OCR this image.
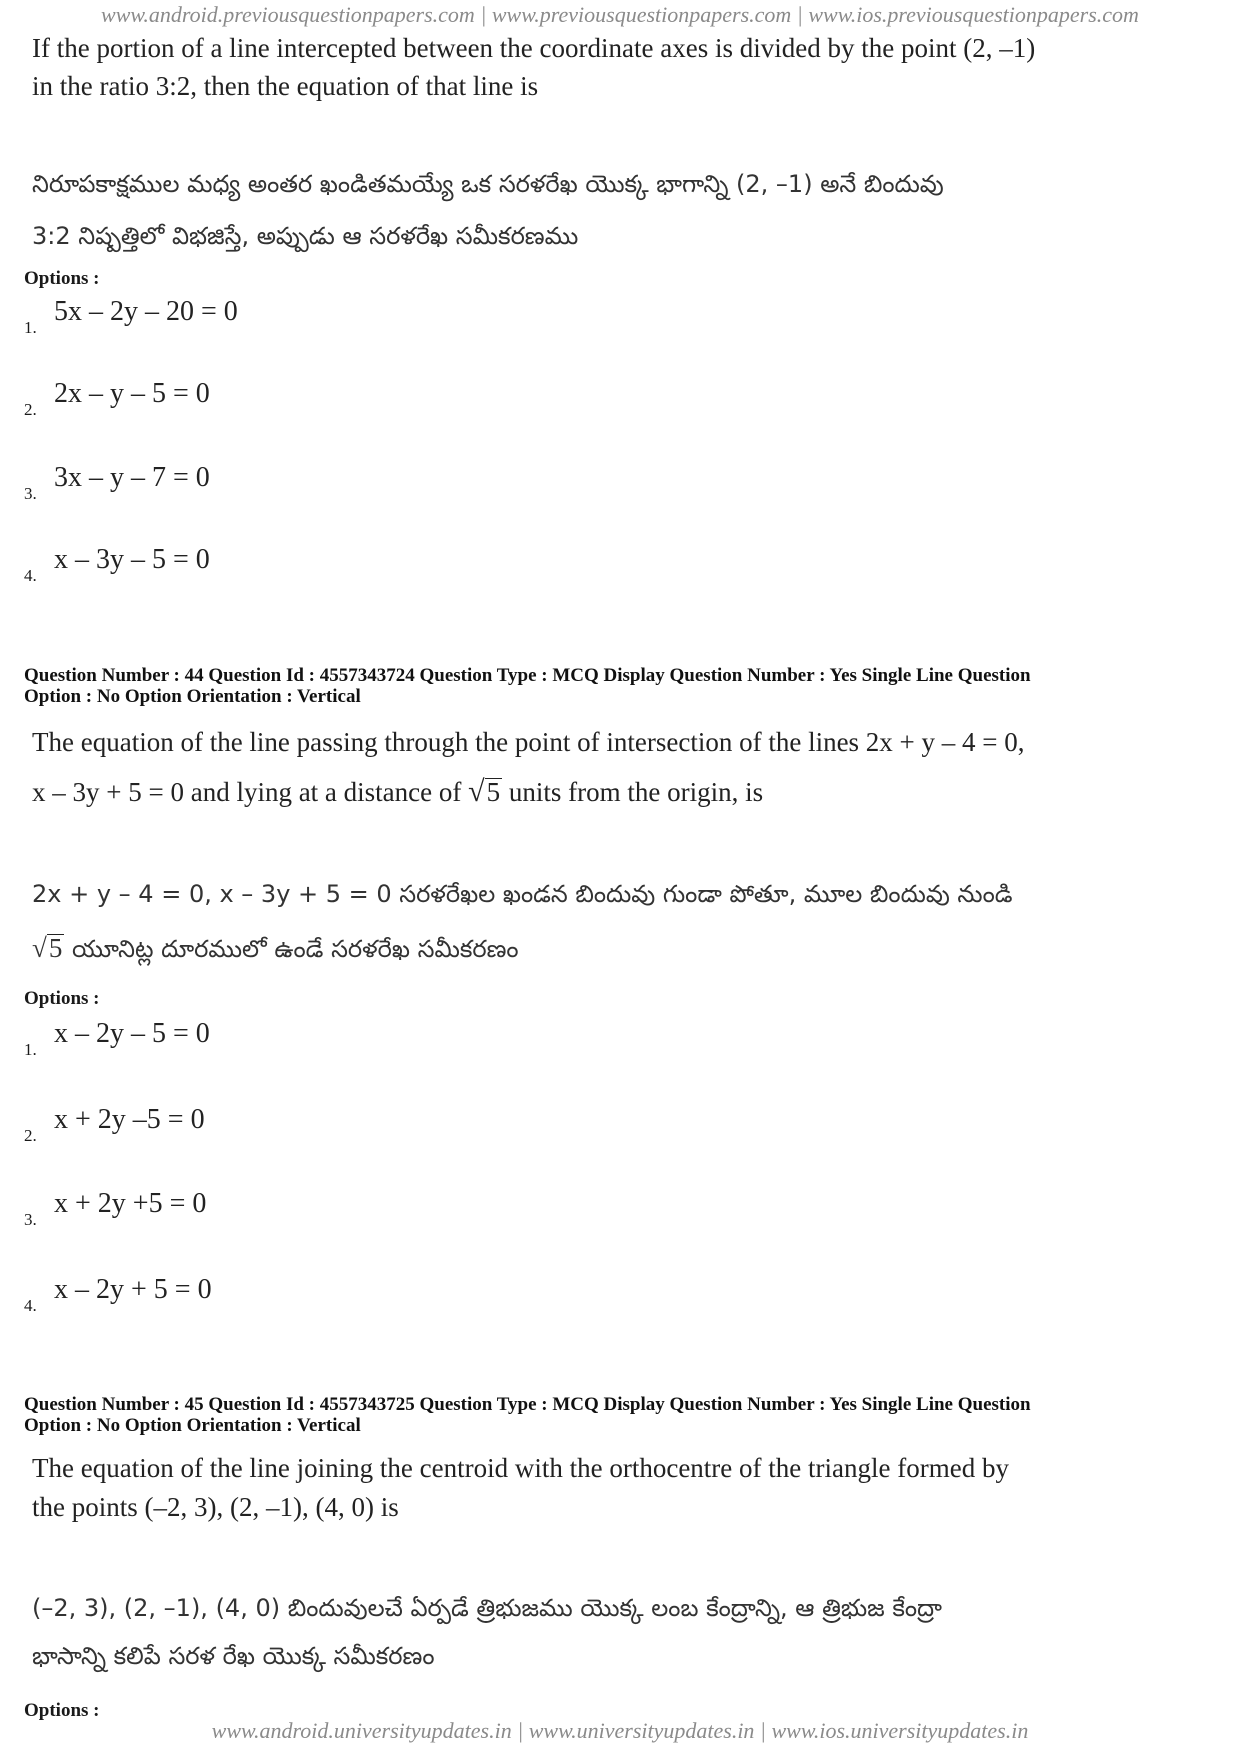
www.android.previousquestionpapers.com | www.previousquestionpapers.com | www.ios.previousquestionpapers.com
If the portion of a line intercepted between the coordinate axes is divided by the point (2, –1)
in the ratio 3:2, then the equation of that line is
నిరూపకాక్షముల మధ్య అంతర ఖండితమయ్యే ఒక సరళరేఖ యొక్క భాగాన్ని (2, –1) అనే బిందువు
3:2 నిష్పత్తిలో విభజిస్తే, అప్పుడు ఆ సరళరేఖ సమీకరణము
Options :
1.
5x – 2y – 20 = 0
2.
2x – y – 5 = 0
3.
3x – y – 7 = 0
4.
x – 3y – 5 = 0
Question Number : 44 Question Id : 4557343724 Question Type : MCQ Display Question Number : Yes Single Line Question
Option : No Option Orientation : Vertical
The equation of the line passing through the point of intersection of the lines 2x + y – 4 = 0,
x – 3y + 5 = 0 and lying at a distance of √5 units from the origin, is
2x + y – 4 = 0, x – 3y + 5 = 0 సరళరేఖల ఖండన బిందువు గుండా పోతూ, మూల బిందువు నుండి
√5 యూనిట్ల దూరములో ఉండే సరళరేఖ సమీకరణం
Options :
1.
x – 2y – 5 = 0
2.
x + 2y –5 = 0
3.
x + 2y +5 = 0
4.
x – 2y + 5 = 0
Question Number : 45 Question Id : 4557343725 Question Type : MCQ Display Question Number : Yes Single Line Question
Option : No Option Orientation : Vertical
The equation of the line joining the centroid with the orthocentre of the triangle formed by
the points (–2, 3), (2, –1), (4, 0) is
(–2, 3), (2, –1), (4, 0) బిందువులచే ఏర్పడే త్రిభుజము యొక్క లంబ కేంద్రాన్ని, ఆ త్రిభుజ కేంద్రా
భాసాన్ని కలిపే సరళ రేఖ యొక్క సమీకరణం
Options :
www.android.universityupdates.in | www.universityupdates.in | www.ios.universityupdates.in
